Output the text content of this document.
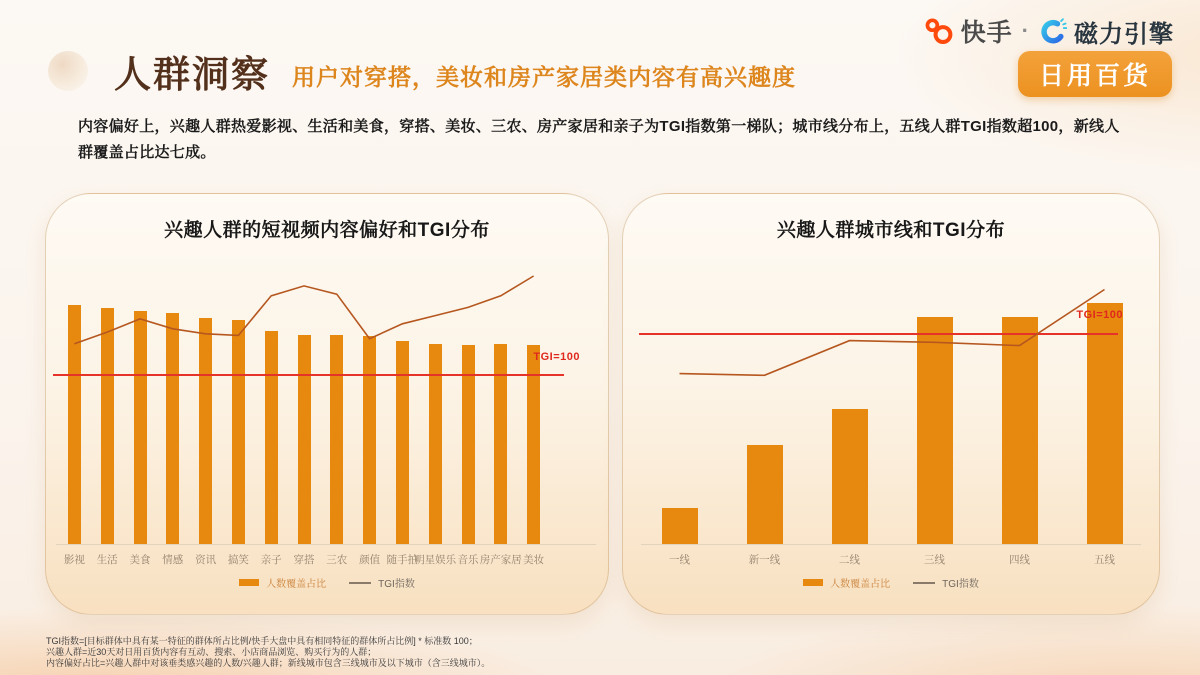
快手 · 磁力引擎
日用百货
人群洞察 用户对穿搭，美妆和房产家居类内容有高兴趣度

内容偏好上，兴趣人群热爱影视、生活和美食，穿搭、美妆、三农、房产家居和亲子为TGI指数第一梯队；城市线分布上，五线人群TGI指数超100，新线人群覆盖占比达七成。

兴趣人群的短视频内容偏好和TGI分布
影视 生活 美食 情感 资讯 搞笑 亲子 穿搭 三农 颜值 随手拍
明星娱乐 音乐 房产家居 美妆
TGI=100
人数覆盖占比	TGI指数
兴趣人群城市线和TGI分布
一线	新一线	二线	三线	四线	五线
TGI=100
人数覆盖占比	TGI指数
TGI指数=[目标群体中具有某一特征的群体所占比例/快手大盘中具有相同特征的群体所占比例] * 标准数 100；
兴趣人群=近30天对日用百货内容有互动、搜索、小店商品浏览、购买行为的人群；
内容偏好占比=兴趣人群中对该垂类感兴趣的人数/兴趣人群；新线城市包含三线城市及以下城市（含三线城市）。
